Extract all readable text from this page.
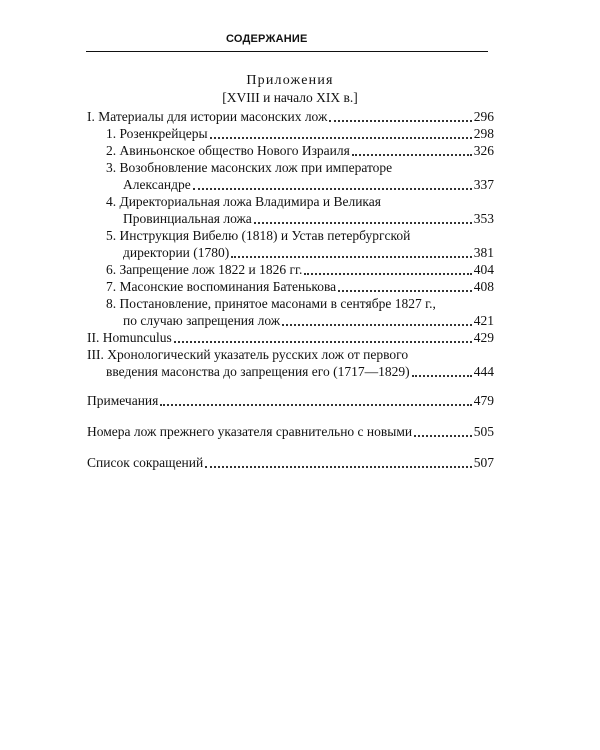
СОДЕРЖАНИЕ
Приложения
[XVIII и начало XIX в.]
I. Материалы для истории масонских лож	296
1. Розенкрейцеры	298
2. Авиньонское общество Нового Израиля	326
3. Возобновление масонских лож при императоре
Александре	337
4. Директориальная ложа Владимира и Великая
Провинциальная ложа	353
5. Инструкция Вибелю (1818) и Устав петербургской
директории (1780)	381
6. Запрещение лож 1822 и 1826 гг.	404
7. Масонские воспоминания Батенькова	408
8. Постановление, принятое масонами в сентябре 1827 г.,
по случаю запрещения лож	421
II. Homunculus	429
III. Хронологический указатель русских лож от первого
введения масонства до запрещения его (1717—1829)	444
Примечания	479
Номера лож прежнего указателя сравнительно с новыми	505
Список сокращений	507
